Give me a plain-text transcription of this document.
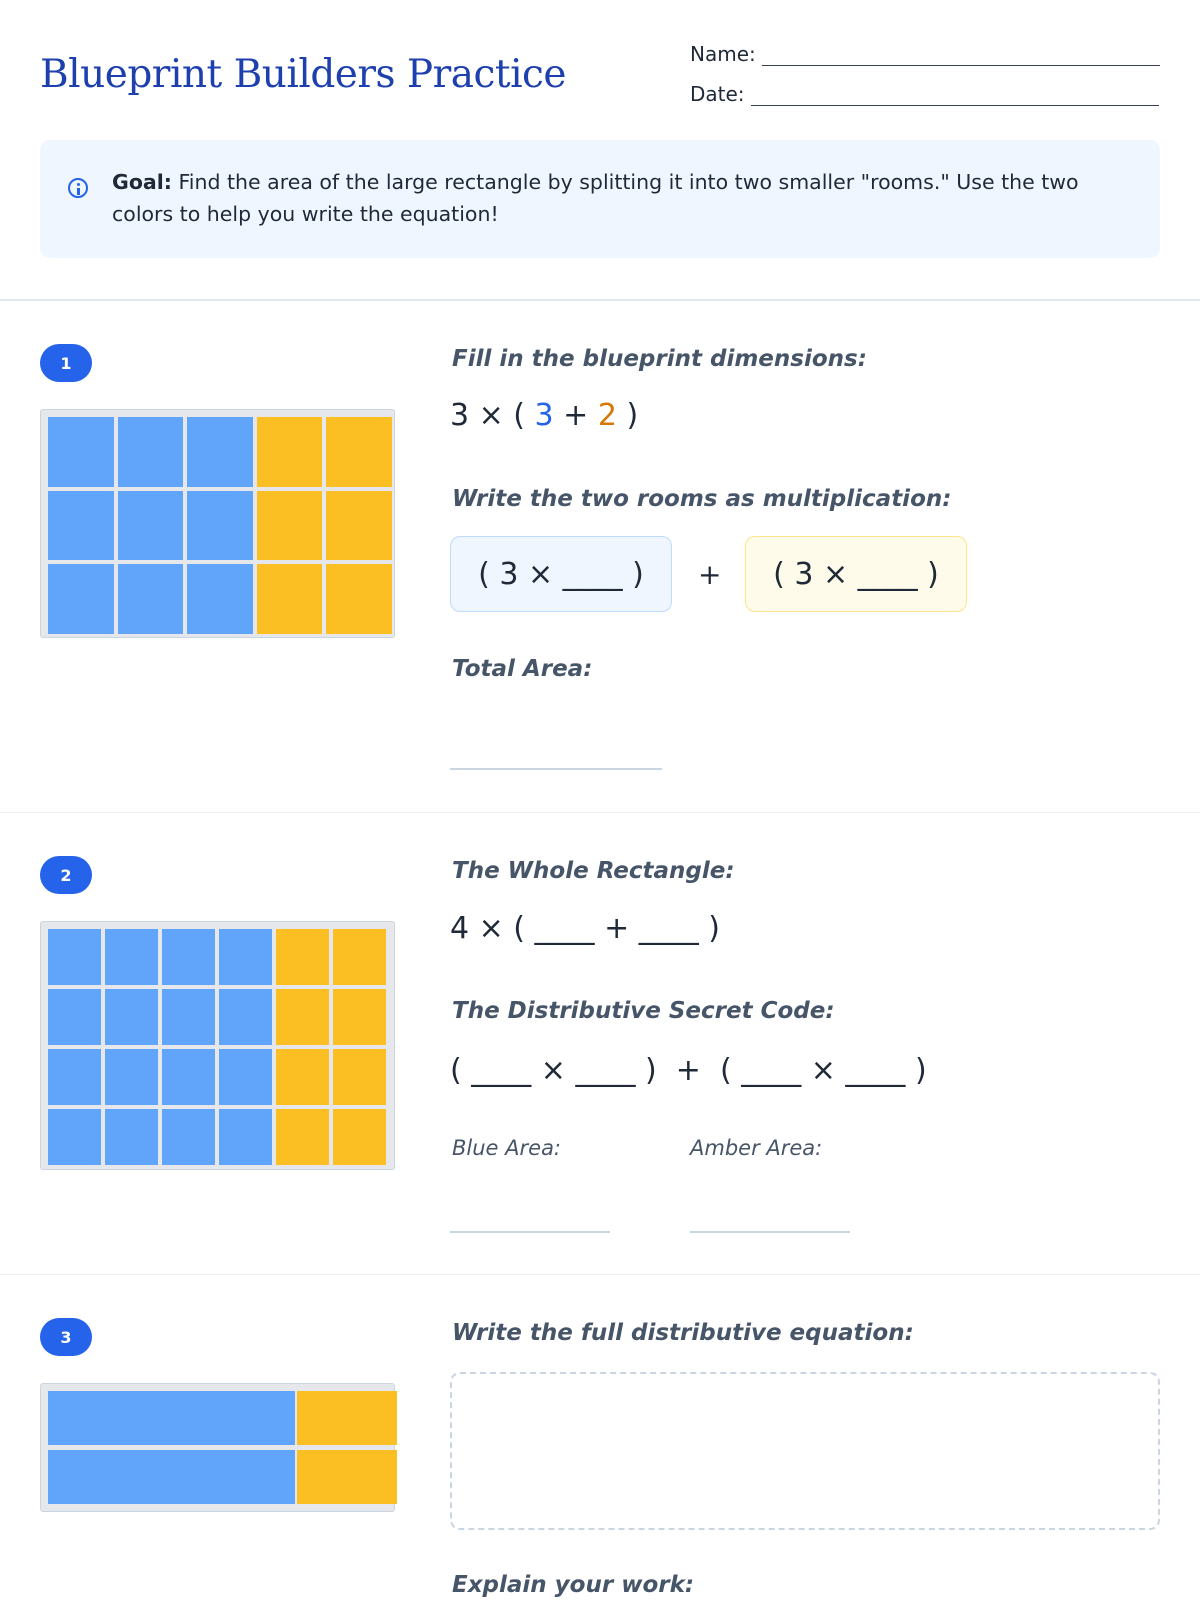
Blueprint Builders Practice	Name:
Date:

Goal: Find the area of the large rectangle by splitting it into two smaller "rooms." Use the two colors to help you write the equation!

1	Fill in the blueprint dimensions:

3 × ( 3 + 2 )

Write the two rooms as multiplication:

( 3 × ____ )	+	( 3 × ____ )

Total Area:

2	The Whole Rectangle:

4 × ( ____ + ____ )

The Distributive Secret Code:

( ____ × ____ )  +  ( ____ × ____ )

Blue Area:	Amber Area:

3	Write the full distributive equation:

Explain your work:
